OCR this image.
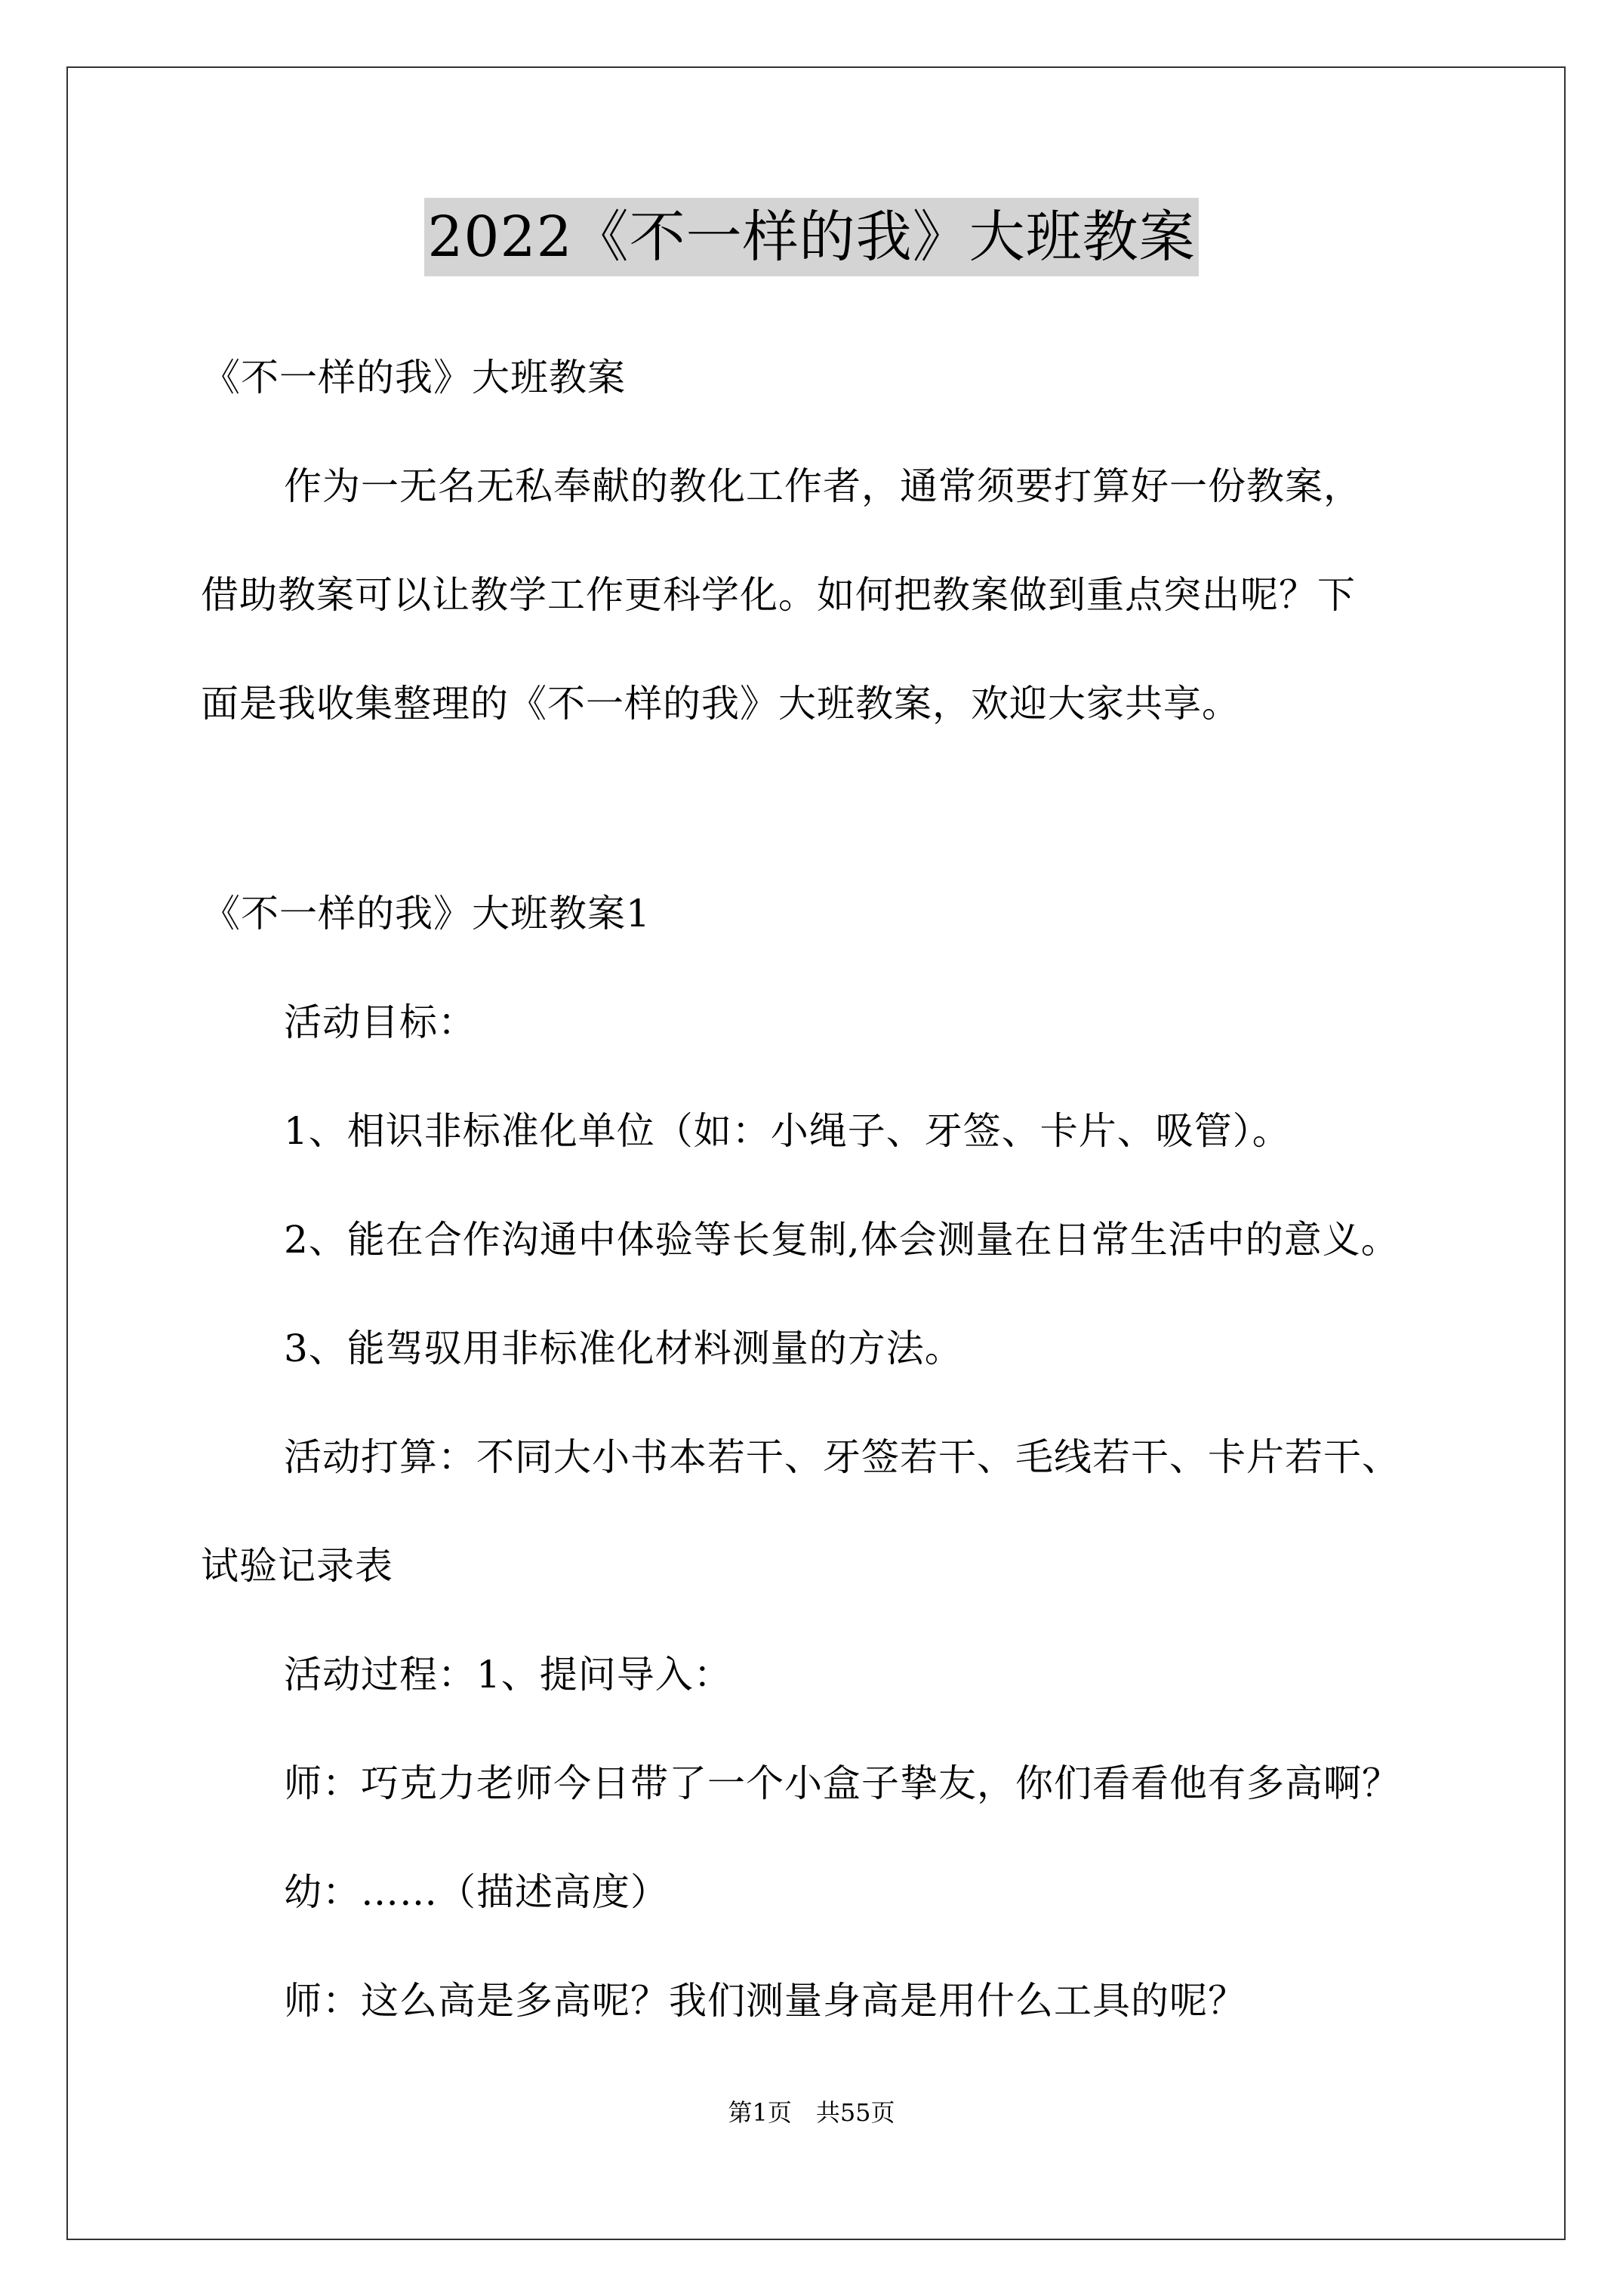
2022《不一样的我》大班教案
《不一样的我》大班教案
作为一无名无私奉献的教化工作者，通常须要打算好一份教案，
借助教案可以让教学工作更科学化。如何把教案做到重点突出呢？下
面是我收集整理的《不一样的我》大班教案，欢迎大家共享。
《不一样的我》大班教案1
活动目标：
1、相识非标准化单位（如：小绳子、牙签、卡片、吸管）。
2、能在合作沟通中体验等长复制,体会测量在日常生活中的意义。
3、能驾驭用非标准化材料测量的方法。
活动打算：不同大小书本若干、牙签若干、毛线若干、卡片若干、
试验记录表
活动过程：1、提问导入：
师：巧克力老师今日带了一个小盒子挚友，你们看看他有多高啊？
幼：……（描述高度）
师：这么高是多高呢？我们测量身高是用什么工具的呢？
第1页　共55页
